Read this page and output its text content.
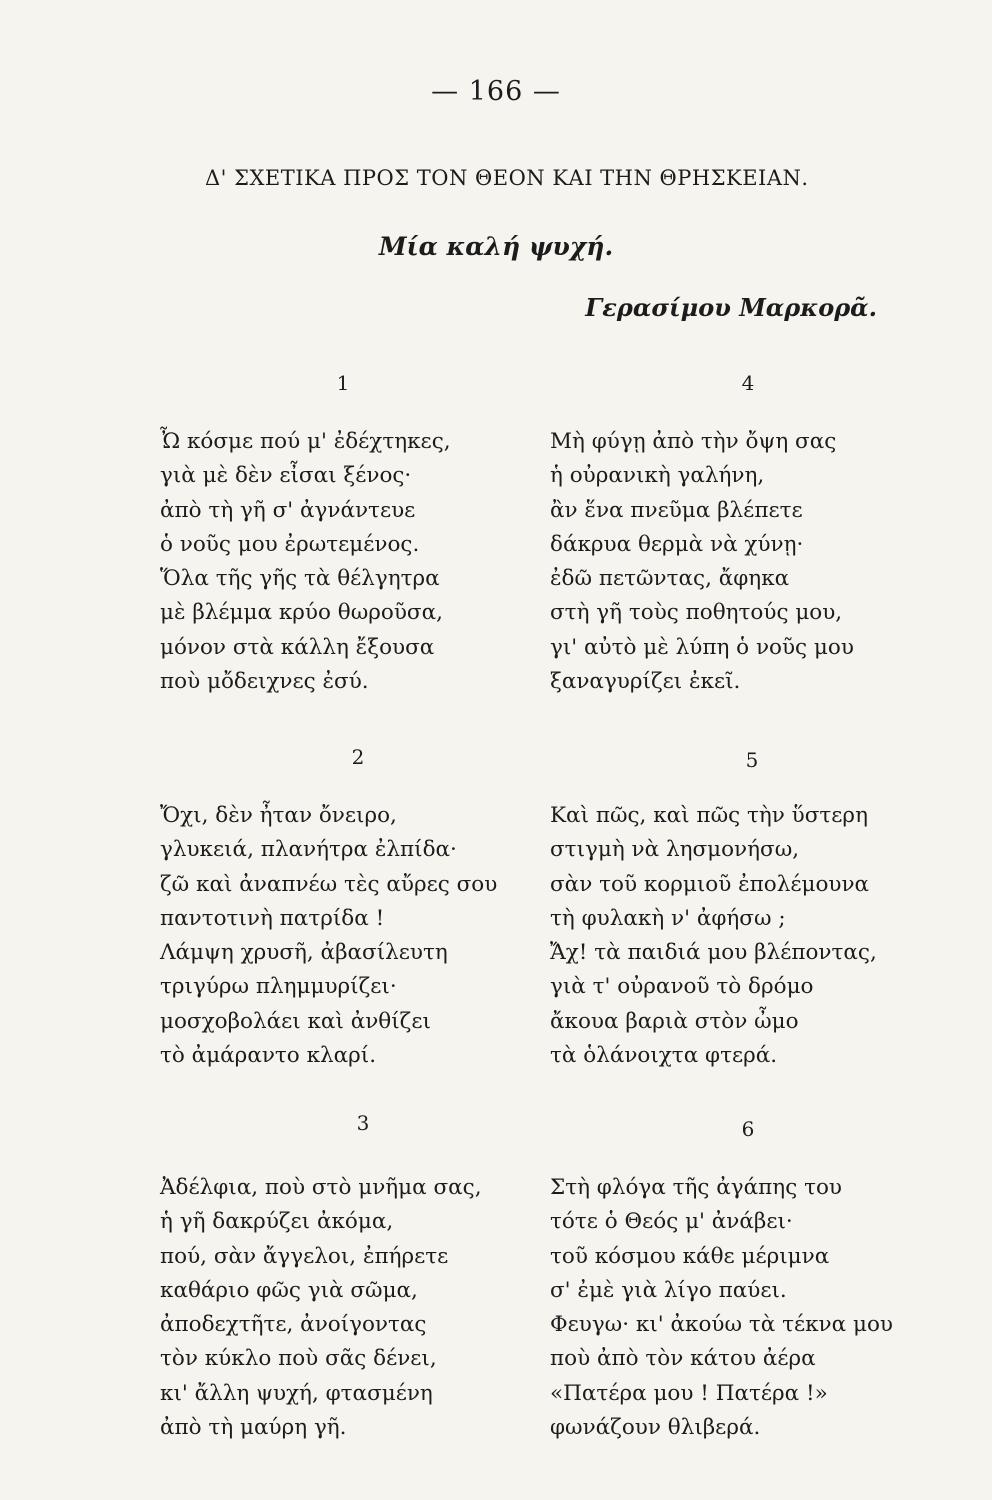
— 166 —
Δ' ΣΧΕΤΙΚΑ ΠΡΟΣ ΤΟΝ ΘΕΟΝ ΚΑΙ ΤΗΝ ΘΡΗΣΚΕΙΑΝ.
Μία καλή ψυχή.
Γερασίμου Μαρκορᾶ.
1
Ὦ κόσμε πού μ' ἐδέχτηκες,
γιὰ μὲ δὲν εἶσαι ξένος·
ἀπὸ τὴ γῆ σ' ἀγνάντευε
ὁ νοῦς μου ἐρωτεμένος.
Ὅλα τῆς γῆς τὰ θέλγητρα
μὲ βλέμμα κρύο θωροῦσα,
μόνον στὰ κάλλη ἔξουσα
ποὺ μὄδειχνες ἐσύ.
4
Μὴ φύγῃ ἀπὸ τὴν ὄψη σας
ἡ οὐρανικὴ γαλήνη,
ἂν ἕνα πνεῦμα βλέπετε
δάκρυα θερμὰ νὰ χύνῃ·
ἐδῶ πετῶντας, ἄφηκα
στὴ γῆ τοὺς ποθητούς μου,
γι' αὐτὸ μὲ λύπη ὁ νοῦς μου
ξαναγυρίζει ἐκεῖ.
2
Ὄχι, δὲν ἦταν ὄνειρο,
γλυκειά, πλανήτρα ἐλπίδα·
ζῶ καὶ ἀναπνέω τὲς αὔρες σου
παντοτινὴ πατρίδα !
Λάμψη χρυσῆ, ἀβασίλευτη
τριγύρω πλημμυρίζει·
μοσχοβολάει καὶ ἀνθίζει
τὸ ἀμάραντο κλαρί.
5
Καὶ πῶς, καὶ πῶς τὴν ὕστερη
στιγμὴ νὰ λησμονήσω,
σὰν τοῦ κορμιοῦ ἐπολέμουνα
τὴ φυλακὴ ν' ἀφήσω ;
Ἄχ! τὰ παιδιά μου βλέποντας,
γιὰ τ' οὐρανοῦ τὸ δρόμο
ἄκουα βαριὰ στὸν ὦμο
τὰ ὁλάνοιχτα φτερά.
3
Ἀδέλφια, ποὺ στὸ μνῆμα σας,
ἡ γῆ δακρύζει ἀκόμα,
πού, σὰν ἄγγελοι, ἐπήρετε
καθάριο φῶς γιὰ σῶμα,
ἀποδεχτῆτε, ἀνοίγοντας
τὸν κύκλο ποὺ σᾶς δένει,
κι' ἄλλη ψυχή, φτασμένη
ἀπὸ τὴ μαύρη γῆ.
6
Στὴ φλόγα τῆς ἀγάπης του
τότε ὁ Θεός μ' ἀνάβει·
τοῦ κόσμου κάθε μέριμνα
σ' ἐμὲ γιὰ λίγο παύει.
Φευγω· κι' ἀκούω τὰ τέκνα μου
ποὺ ἀπὸ τὸν κάτου ἀέρα
«Πατέρα μου ! Πατέρα !»
φωνάζουν θλιβερά.
